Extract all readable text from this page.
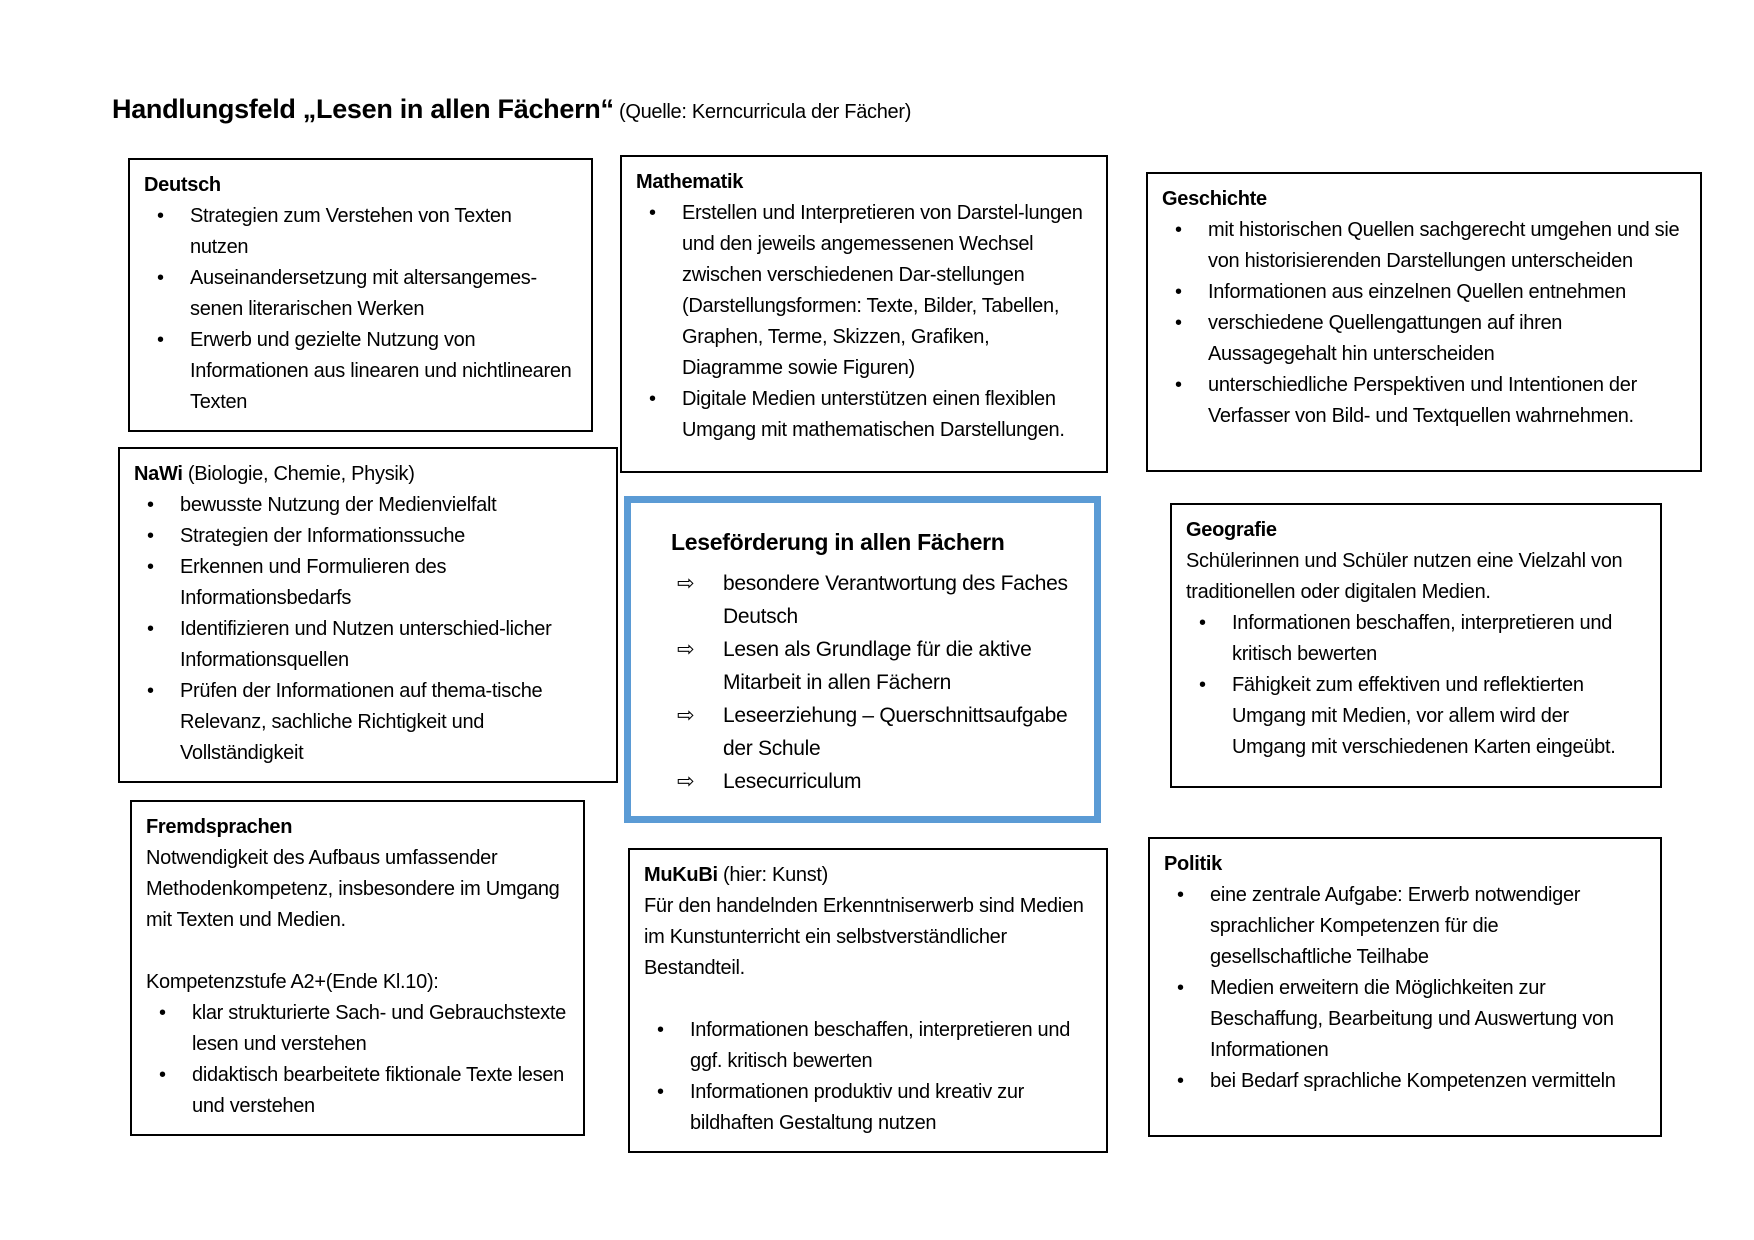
Handlungsfeld „Lesen in allen Fächern“ (Quelle: Kerncurricula der Fächer)
Deutsch
• Strategien zum Verstehen von Texten nutzen
• Auseinandersetzung mit altersangemes-senen literarischen Werken
• Erwerb und gezielte Nutzung von Informationen aus linearen und nichtlinearen Texten
Mathematik
• Erstellen und Interpretieren von Darstel-lungen und den jeweils angemessenen Wechsel zwischen verschiedenen Dar-stellungen (Darstellungsformen: Texte, Bilder, Tabellen, Graphen, Terme, Skizzen, Grafiken, Diagramme sowie Figuren)
• Digitale Medien unterstützen einen flexiblen Umgang mit mathematischen Darstellungen.
Geschichte
• mit historischen Quellen sachgerecht umgehen und sie von historisierenden Darstellungen unterscheiden
• Informationen aus einzelnen Quellen entnehmen
• verschiedene Quellengattungen auf ihren Aussagegehalt hin unterscheiden
• unterschiedliche Perspektiven und Intentionen der Verfasser von Bild- und Textquellen wahrnehmen.
NaWi (Biologie, Chemie, Physik)
• bewusste Nutzung der Medienvielfalt
• Strategien der Informationssuche
• Erkennen und Formulieren des Informationsbedarfs
• Identifizieren und Nutzen unterschied-licher Informationsquellen
• Prüfen der Informationen auf thema-tische Relevanz, sachliche Richtigkeit und Vollständigkeit
Leseförderung in allen Fächern
⇨ besondere Verantwortung des Faches Deutsch
⇨ Lesen als Grundlage für die aktive Mitarbeit in allen Fächern
⇨ Leseerziehung – Querschnittsaufgabe der Schule
⇨ Lesecurriculum
Geografie

Schülerinnen und Schüler nutzen eine Vielzahl von traditionellen oder digitalen Medien.

• Informationen beschaffen, interpretieren und kritisch bewerten
• Fähigkeit zum effektiven und reflektierten Umgang mit Medien, vor allem wird der Umgang mit verschiedenen Karten eingeübt.
Fremdsprachen

Notwendigkeit des Aufbaus umfassender Methodenkompetenz, insbesondere im Umgang mit Texten und Medien.

Kompetenzstufe A2+(Ende Kl.10):

• klar strukturierte Sach- und Gebrauchstexte lesen und verstehen
• didaktisch bearbeitete fiktionale Texte lesen und verstehen
MuKuBi (hier: Kunst)

Für den handelnden Erkenntniserwerb sind Medien im Kunstunterricht ein selbstverständlicher Bestandteil.

• Informationen beschaffen, interpretieren und ggf. kritisch bewerten
• Informationen produktiv und kreativ zur bildhaften Gestaltung nutzen
Politik
• eine zentrale Aufgabe: Erwerb notwendiger sprachlicher Kompetenzen für die gesellschaftliche Teilhabe
• Medien erweitern die Möglichkeiten zur Beschaffung, Bearbeitung und Auswertung von Informationen
• bei Bedarf sprachliche Kompetenzen vermitteln
